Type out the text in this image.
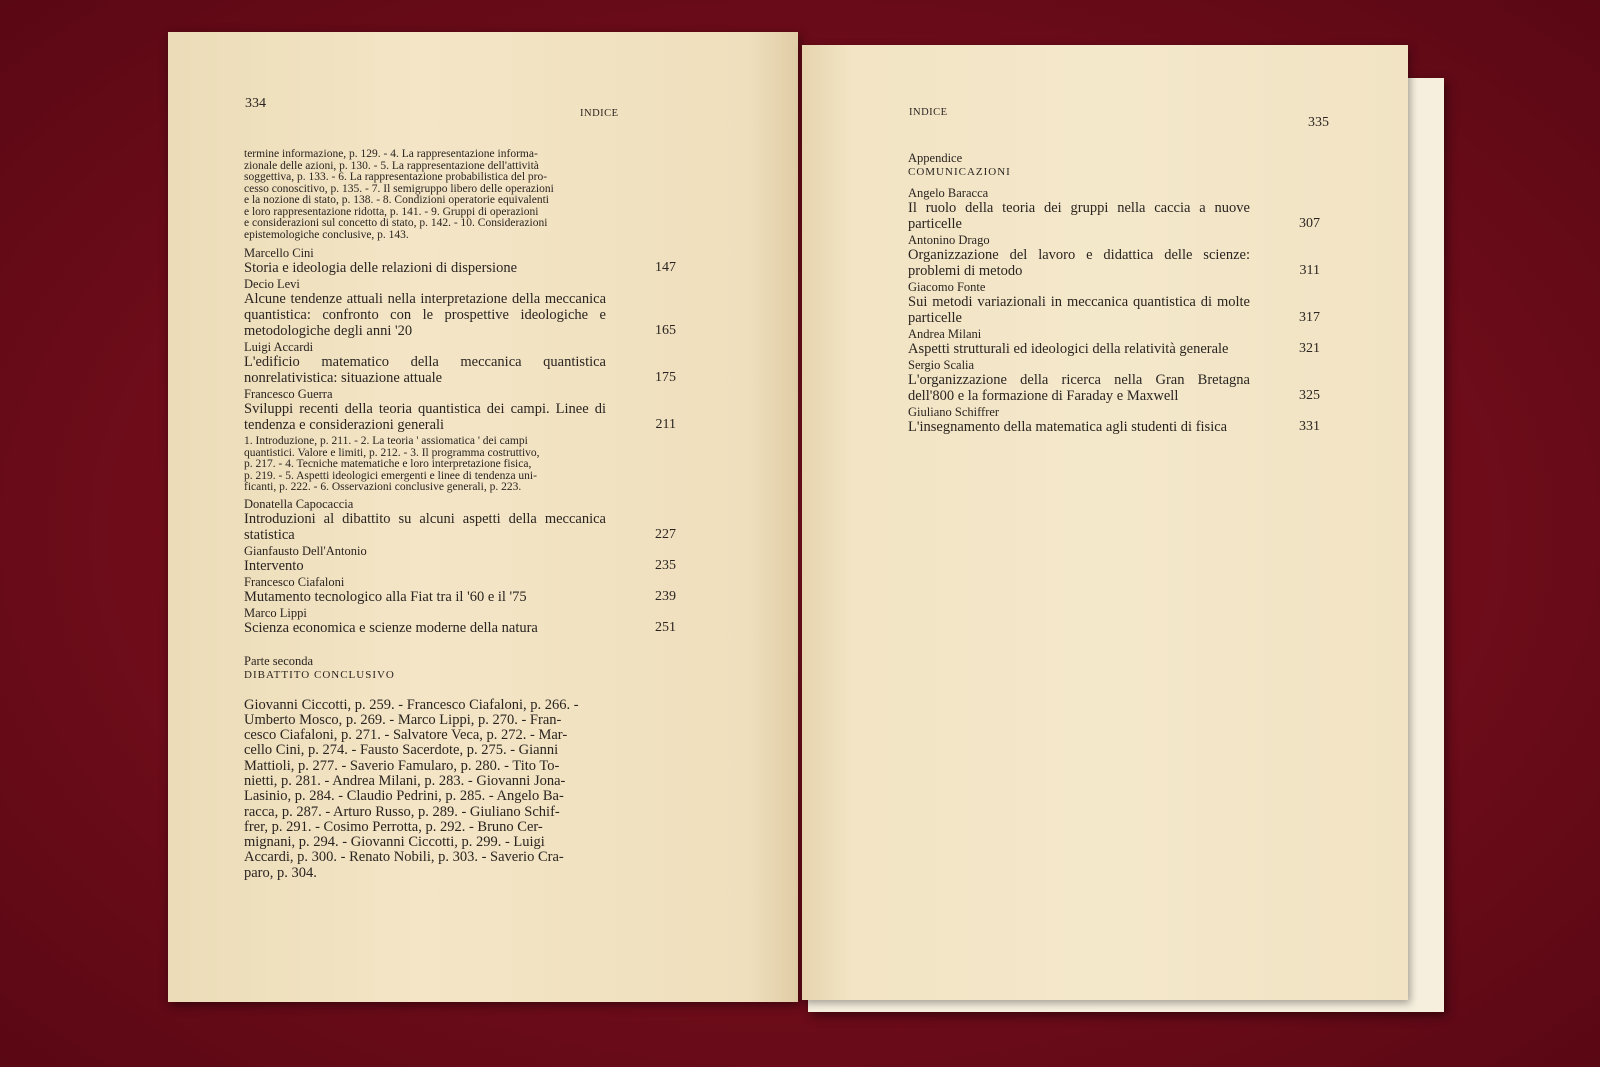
334
INDICE
termine informazione, p. 129. - 4. La rappresentazione informa-
zionale delle azioni, p. 130. - 5. La rappresentazione dell'attività
soggettiva, p. 133. - 6. La rappresentazione probabilistica del pro-
cesso conoscitivo, p. 135. - 7. Il semigruppo libero delle operazioni
e la nozione di stato, p. 138. - 8. Condizioni operatorie equivalenti
e loro rappresentazione ridotta, p. 141. - 9. Gruppi di operazioni
e considerazioni sul concetto di stato, p. 142. - 10. Considerazioni
epistemologiche conclusive, p. 143.
Marcello Cini
Storia e ideologia delle relazioni di dispersione	147
Decio Levi
Alcune tendenze attuali nella interpretazione della meccanica quantistica: confronto con le prospettive ideologiche e metodologiche degli anni '20	165
Luigi Accardi
L'edificio matematico della meccanica quantistica nonrelativistica: situazione attuale	175
Francesco Guerra
Sviluppi recenti della teoria quantistica dei campi. Linee di tendenza e considerazioni generali	211
1. Introduzione, p. 211. - 2. La teoria ' assiomatica ' dei campi
quantistici. Valore e limiti, p. 212. - 3. Il programma costruttivo,
p. 217. - 4. Tecniche matematiche e loro interpretazione fisica,
p. 219. - 5. Aspetti ideologici emergenti e linee di tendenza uni-
ficanti, p. 222. - 6. Osservazioni conclusive generali, p. 223.
Donatella Capocaccia
Introduzioni al dibattito su alcuni aspetti della meccanica statistica	227
Gianfausto Dell'Antonio
Intervento	235
Francesco Ciafaloni
Mutamento tecnologico alla Fiat tra il '60 e il '75	239
Marco Lippi
Scienza economica e scienze moderne della natura	251
Parte seconda
DIBATTITO CONCLUSIVO
Giovanni Ciccotti, p. 259. - Francesco Ciafaloni, p. 266. -
Umberto Mosco, p. 269. - Marco Lippi, p. 270. - Fran-
cesco Ciafaloni, p. 271. - Salvatore Veca, p. 272. - Mar-
cello Cini, p. 274. - Fausto Sacerdote, p. 275. - Gianni
Mattioli, p. 277. - Saverio Famularo, p. 280. - Tito To-
nietti, p. 281. - Andrea Milani, p. 283. - Giovanni Jona-
Lasinio, p. 284. - Claudio Pedrini, p. 285. - Angelo Ba-
racca, p. 287. - Arturo Russo, p. 289. - Giuliano Schif-
frer, p. 291. - Cosimo Perrotta, p. 292. - Bruno Cer-
mignani, p. 294. - Giovanni Ciccotti, p. 299. - Luigi
Accardi, p. 300. - Renato Nobili, p. 303. - Saverio Cra-
paro, p. 304.
INDICE
335
Appendice
COMUNICAZIONI
Angelo Baracca
Il ruolo della teoria dei gruppi nella caccia a nuove particelle	307
Antonino Drago
Organizzazione del lavoro e didattica delle scienze: problemi di metodo	311
Giacomo Fonte
Sui metodi variazionali in meccanica quantistica di molte particelle	317
Andrea Milani
Aspetti strutturali ed ideologici della relatività generale	321
Sergio Scalia
L'organizzazione della ricerca nella Gran Bretagna dell'800 e la formazione di Faraday e Maxwell	325
Giuliano Schiffrer
L'insegnamento della matematica agli studenti di fisica	331
